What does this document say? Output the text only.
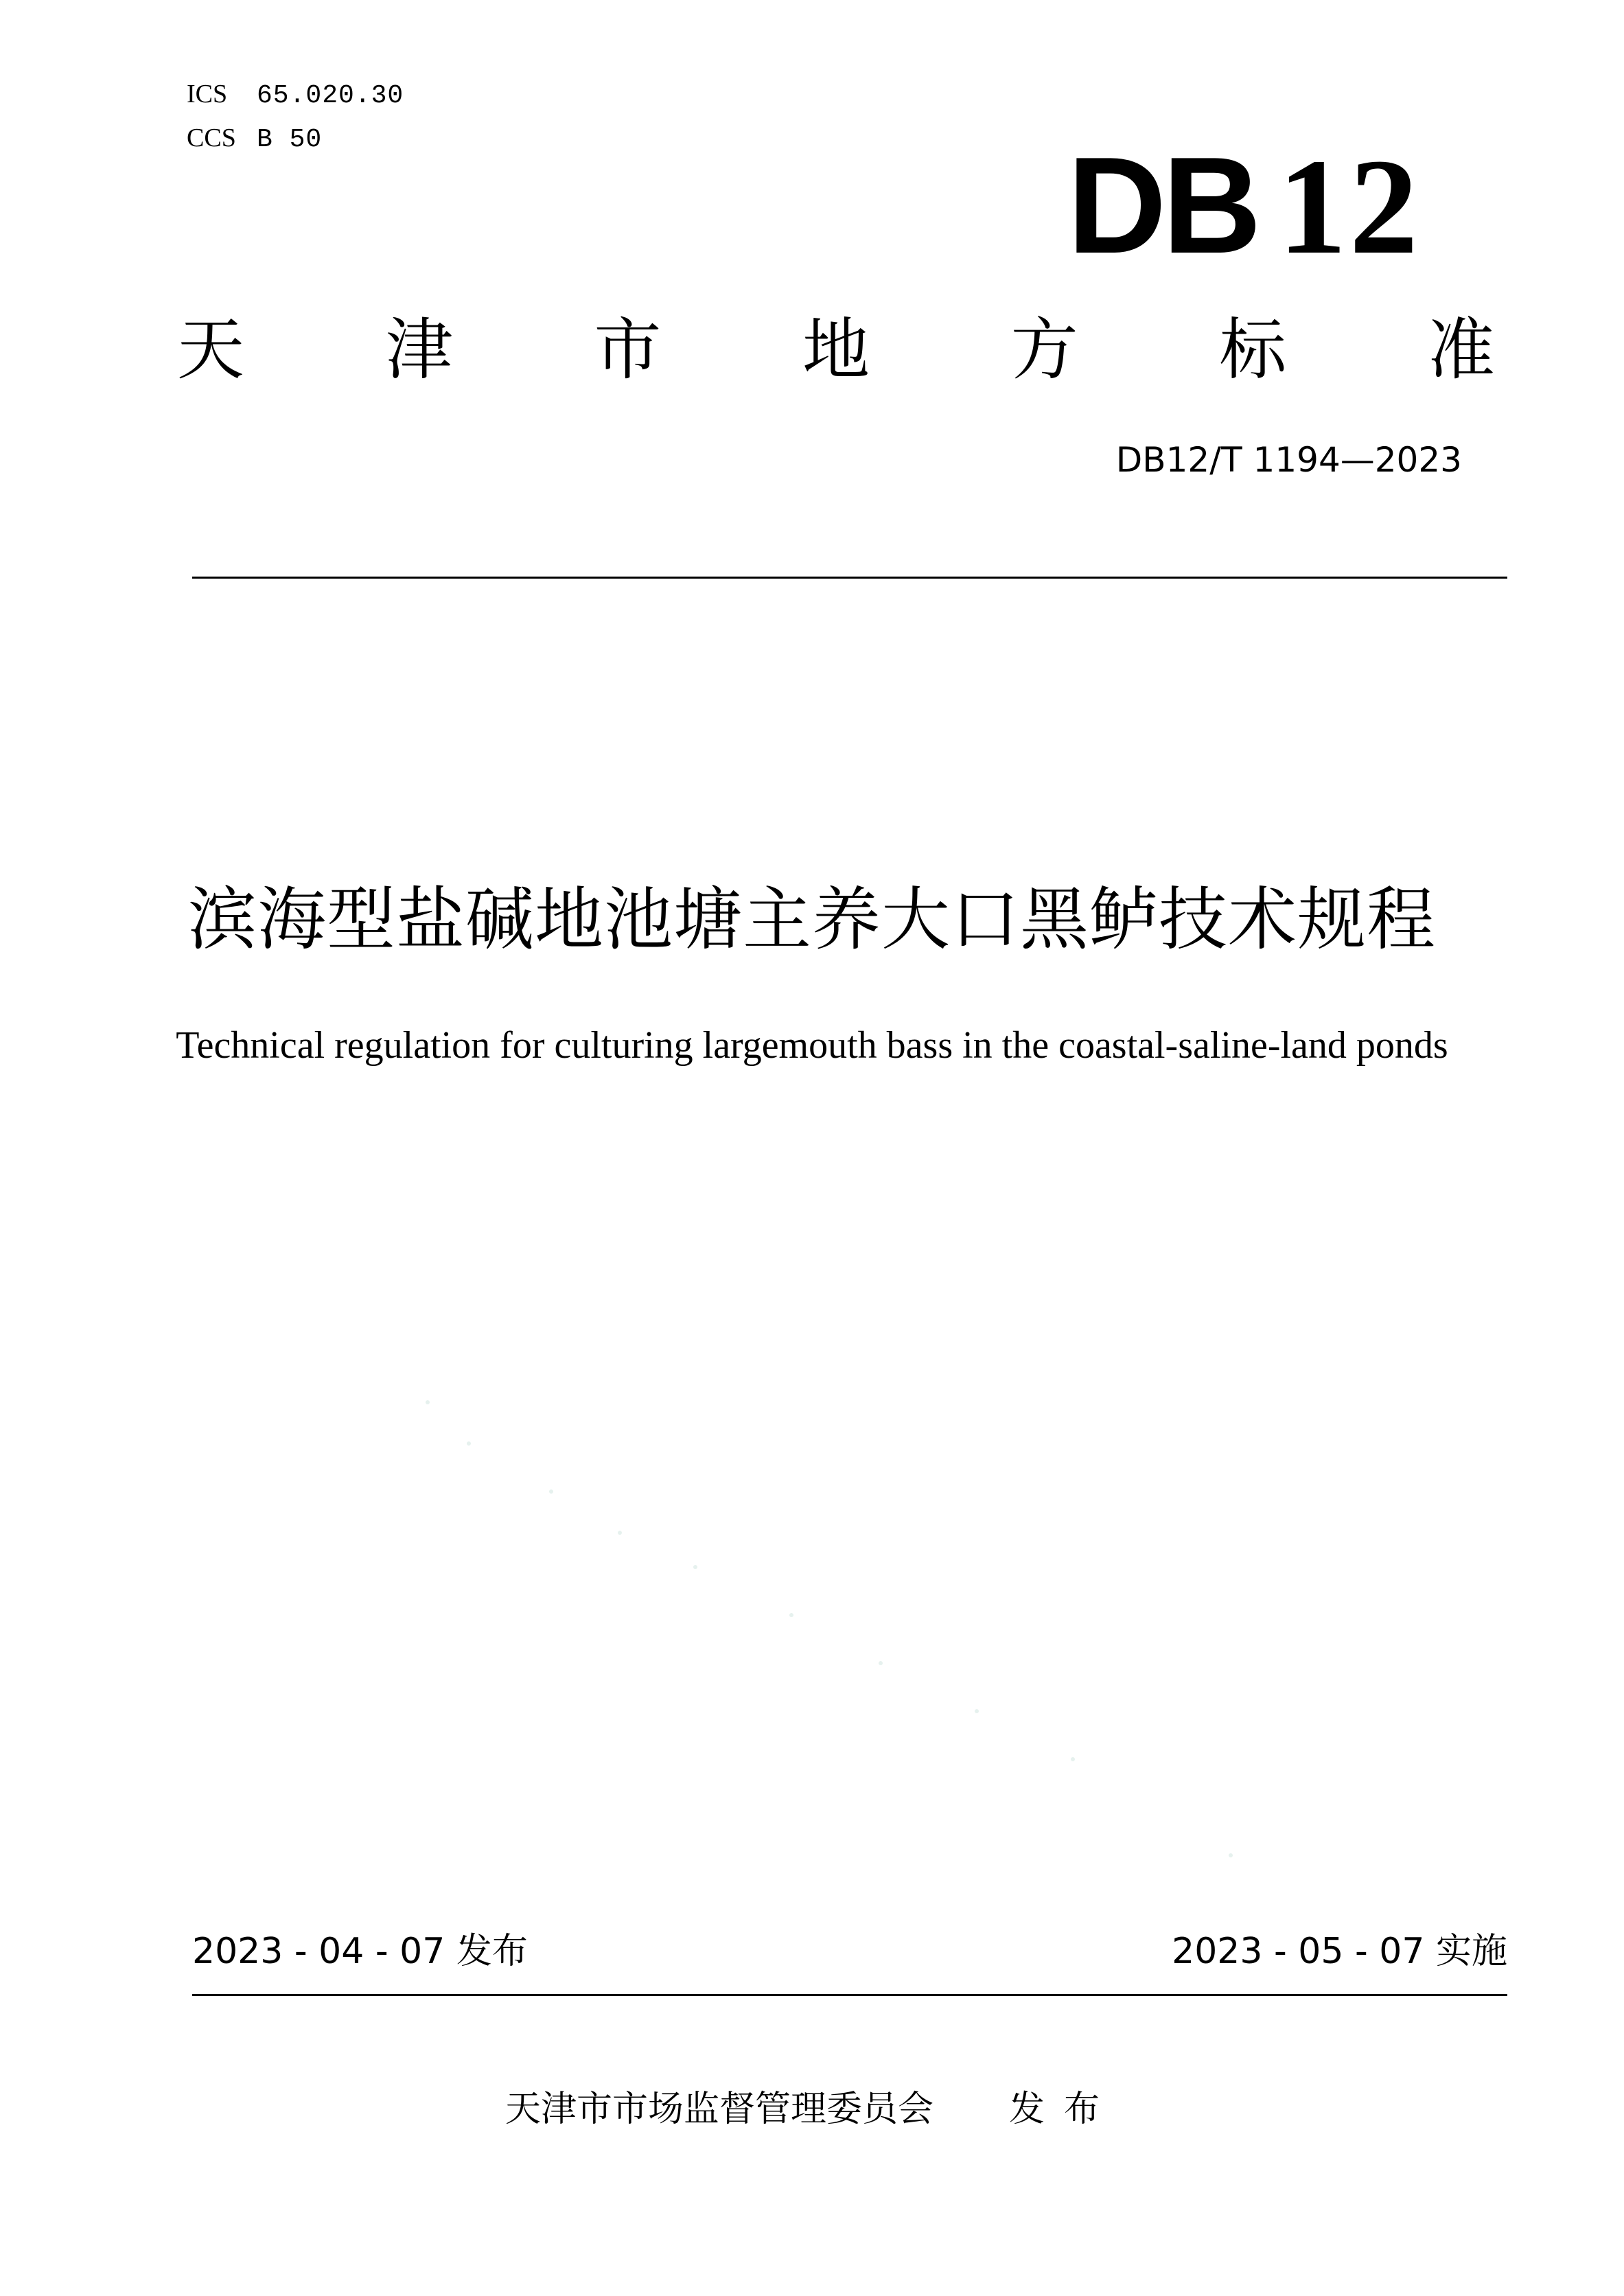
ICS 65.020.30
CCS B 50	DB 12
天 津 市 地 方 标 准
DB12/T 1194—2023
滨海型盐碱地池塘主养大口黑鲈技术规程
Technical regulation for culturing largemouth bass in the coastal-saline-land ponds
2023 - 04 - 07 发布	2023 - 05 - 07 实施
天津市市场监督管理委员会 发布
